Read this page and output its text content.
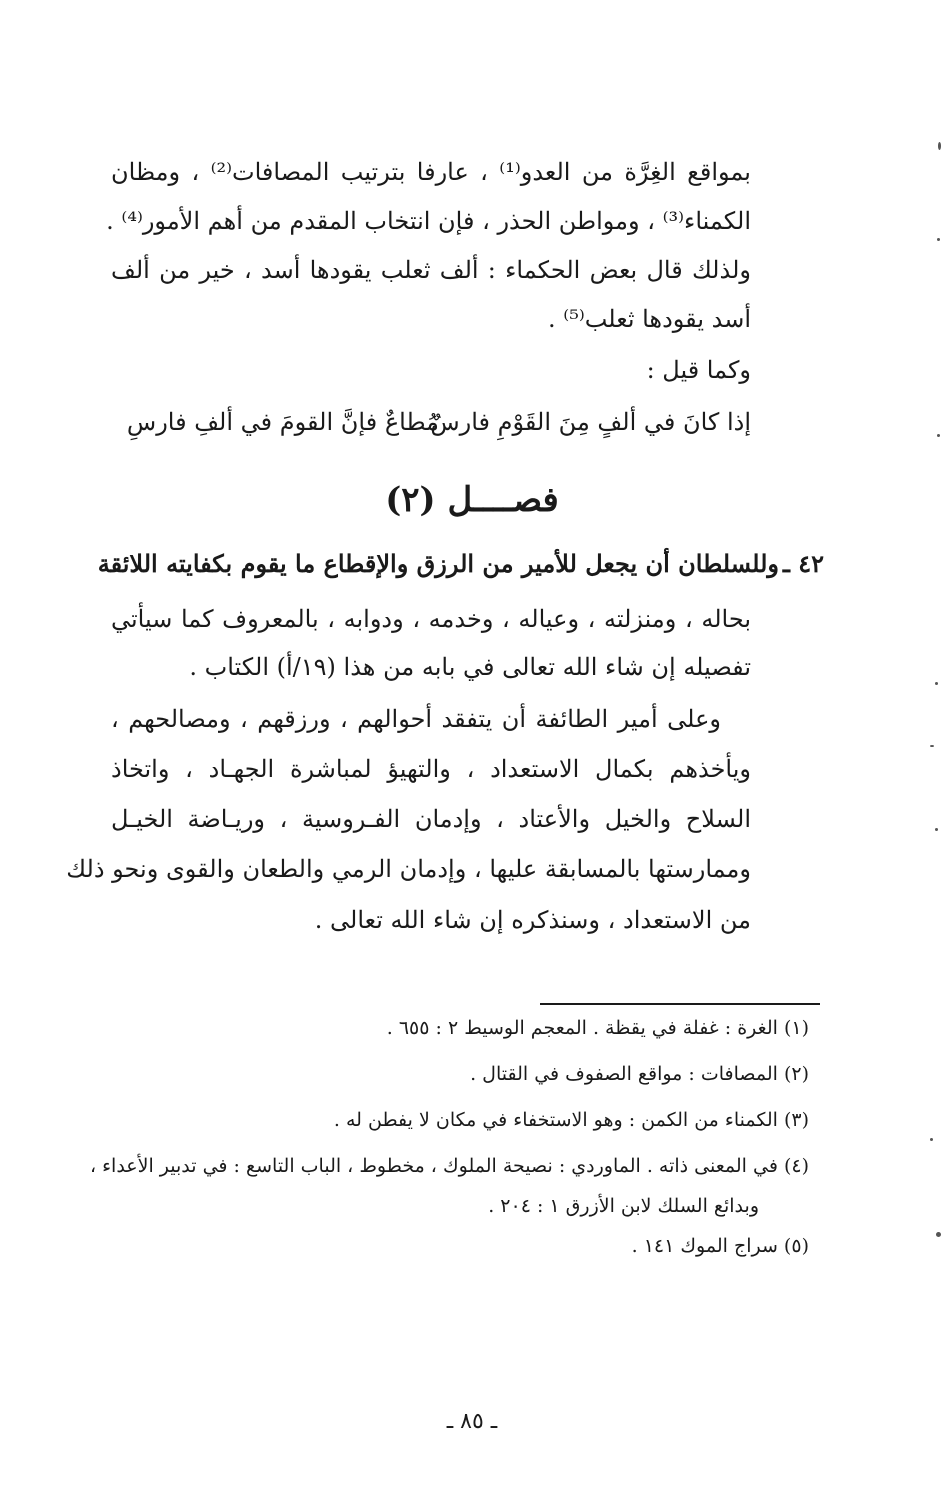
بمواقع الغِرَّة من العدو⁽¹⁾ ، عارفا بترتيب المصافات⁽²⁾ ، ومظان
الكمناء⁽³⁾ ، ومواطن الحذر ، فإن انتخاب المقدم من أهم الأمور⁽⁴⁾ .
ولذلك قال بعض الحكماء : ألف ثعلب يقودها أسد ، خير من ألف
أسد يقودها ثعلب⁽⁵⁾ .
وكما قيل :
إذا كانَ في ألفٍ مِنَ القَوْمِ فارسٌ
مُطاعٌ فإنَّ القومَ في ألفِ فارسِ
فصــــل (٢)
٤٢ ـ
وللسلطان أن يجعل للأمير من الرزق والإقطاع ما يقوم بكفايته اللائقة
بحاله ، ومنزلته ، وعياله ، وخدمه ، ودوابه ، بالمعروف كما سيأتي
تفصيله إن شاء الله تعالى في بابه من هذا (١٩/أ) الكتاب .
وعلى أمير الطائفة أن يتفقد أحوالهم ، ورزقهم ، ومصالحهم ،
ويأخذهم بكمال الاستعداد ، والتهيؤ لمباشرة الجهـاد ، واتخاذ
السلاح والخيل والأعتاد ، وإدمان الفـروسية ، وريـاضة الخيـل
وممارستها بالمسابقة عليها ، وإدمان الرمي والطعان والقوى ونحو ذلك
من الاستعداد ، وسنذكره إن شاء الله تعالى .
(١) الغرة : غفلة في يقظة . المعجم الوسيط ٢ : ٦٥٥ .
(٢) المصافات : مواقع الصفوف في القتال .
(٣) الكمناء من الكمن : وهو الاستخفاء في مكان لا يفطن له .
(٤) في المعنى ذاته . الماوردي : نصيحة الملوك ، مخطوط ، الباب التاسع : في تدبير الأعداء ،
وبدائع السلك لابن الأزرق ١ : ٢٠٤ .
(٥) سراج الموك ١٤١ .
ـ ٨٥ ـ
